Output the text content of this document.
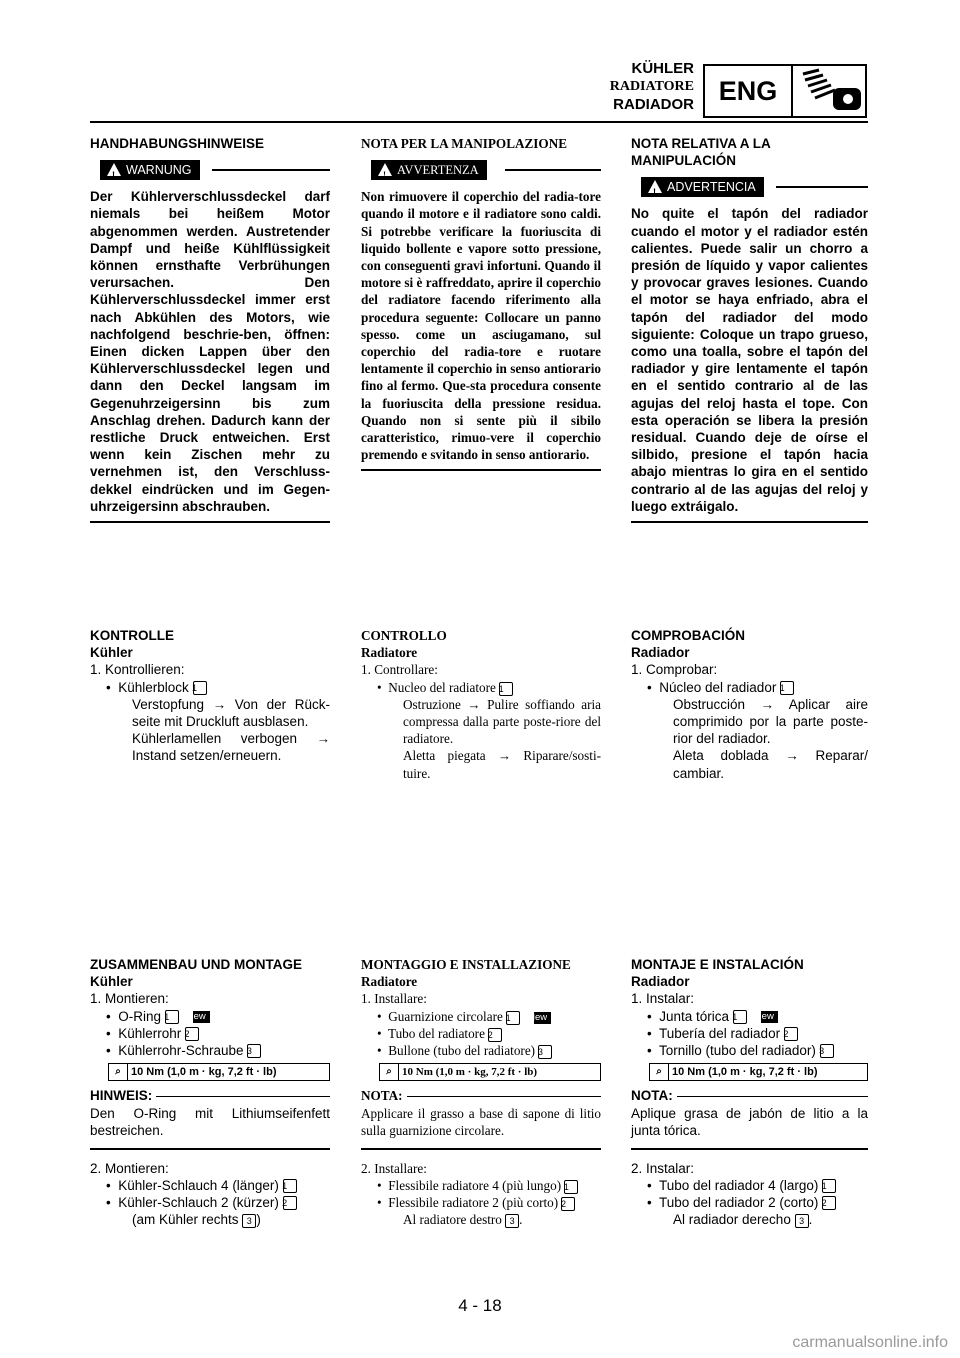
KÜHLER
RADIATORE
RADIADOR ENG

HANDHABUNGSHINWEISE

!
WARNUNG

Der Kühlerverschlussdeckel darf niemals bei heißem Motor abgenommen werden. Austretender Dampf und heiße Kühlflüssigkeit können ernsthafte Verbrühungen verursachen. Den Kühlerverschlussdeckel immer erst nach Abkühlen des Motors, wie nachfolgend beschrie-ben, öffnen: Einen dicken Lappen über den Kühlerverschlussdeckel legen und dann den Deckel langsam im Gegenuhrzeigersinn bis zum Anschlag drehen. Dadurch kann der restliche Druck entweichen. Erst wenn kein Zischen mehr zu vernehmen ist, den Verschluss-dekkel eindrücken und im Gegen-uhrzeigersinn abschrauben.

KONTROLLE

Kühler

1. Kontrollieren:

• Kühlerblock 1

Verstopfung → Von der Rück-seite mit Druckluft ausblasen.

Kühlerlamellen verbogen → Instand setzen/erneuern.

ZUSAMMENBAU UND MONTAGE

Kühler

1. Montieren:

• O-Ring 1 New

• Kühlerrohr 2

• Kühlerrohr-Schraube 3

⌕ 10 Nm (1,0 m · kg, 7,2 ft · lb)
HINWEIS:

Den O-Ring mit Lithiumseifenfett bestreichen.

2. Montieren:

• Kühler-Schlauch 4 (länger) 1

• Kühler-Schlauch 2 (kürzer) 2

(am Kühler rechts 3 )

NOTA PER LA MANIPOLAZIONE

!
AVVERTENZA

Non rimuovere il coperchio del radia-tore quando il motore e il radiatore sono caldi. Si potrebbe verificare la fuoriuscita di liquido bollente e vapore sotto pressione, con conseguenti gravi infortuni. Quando il motore si è raffreddato, aprire il coperchio del radiatore facendo riferimento alla procedura seguente: Collocare un panno spesso. come un asciugamano, sul coperchio del radia-tore e ruotare lentamente il coperchio in senso antiorario fino al fermo. Que-sta procedura consente la fuoriuscita della pressione residua. Quando non si sente più il sibilo caratteristico, rimuo-vere il coperchio premendo e svitando in senso antiorario.

CONTROLLO

Radiatore

1. Controllare:

• Nucleo del radiatore 1

Ostruzione → Pulire soffiando aria compressa dalla parte poste-riore del radiatore.

Aletta piegata → Riparare/sosti-tuire.

MONTAGGIO E INSTALLAZIONE

Radiatore

1. Installare:

• Guarnizione circolare 1 New

• Tubo del radiatore 2

• Bullone (tubo del radiatore) 3

⌕ 10 Nm (1,0 m · kg, 7,2 ft · lb)
NOTA:

Applicare il grasso a base di sapone di litio sulla guarnizione circolare.

2. Installare:

• Flessibile radiatore 4 (più lungo) 1

• Flessibile radiatore 2 (più corto) 2

Al radiatore destro 3 .

NOTA RELATIVA A LA MANIPULACIÓN

!
ADVERTENCIA

No quite el tapón del radiador cuando el motor y el radiador estén calientes. Puede salir un chorro a presión de líquido y vapor calientes y provocar graves lesiones. Cuando el motor se haya enfriado, abra el tapón del radiador del modo siguiente: Coloque un trapo grueso, como una toalla, sobre el tapón del radiador y gire lentamente el tapón en el sentido contrario al de las agujas del reloj hasta el tope. Con esta operación se libera la presión residual. Cuando deje de oírse el silbido, presione el tapón hacia abajo mientras lo gira en el sentido contrario al de las agujas del reloj y luego extráigalo.

COMPROBACIÓN

Radiador

1. Comprobar:

• Núcleo del radiador 1

Obstrucción → Aplicar aire comprimido por la parte poste-rior del radiador.

Aleta doblada → Reparar/ cambiar.

MONTAJE E INSTALACIÓN

Radiador

1. Instalar:

• Junta tórica 1 New

• Tubería del radiador 2

• Tornillo (tubo del radiador) 3

⌕ 10 Nm (1,0 m · kg, 7,2 ft · lb)
NOTA:

Aplique grasa de jabón de litio a la junta tórica.

2. Instalar:

• Tubo del radiador 4 (largo) 1

• Tubo del radiador 2 (corto) 2

Al radiador derecho 3 .

4 - 18
carmanualsonline.info
